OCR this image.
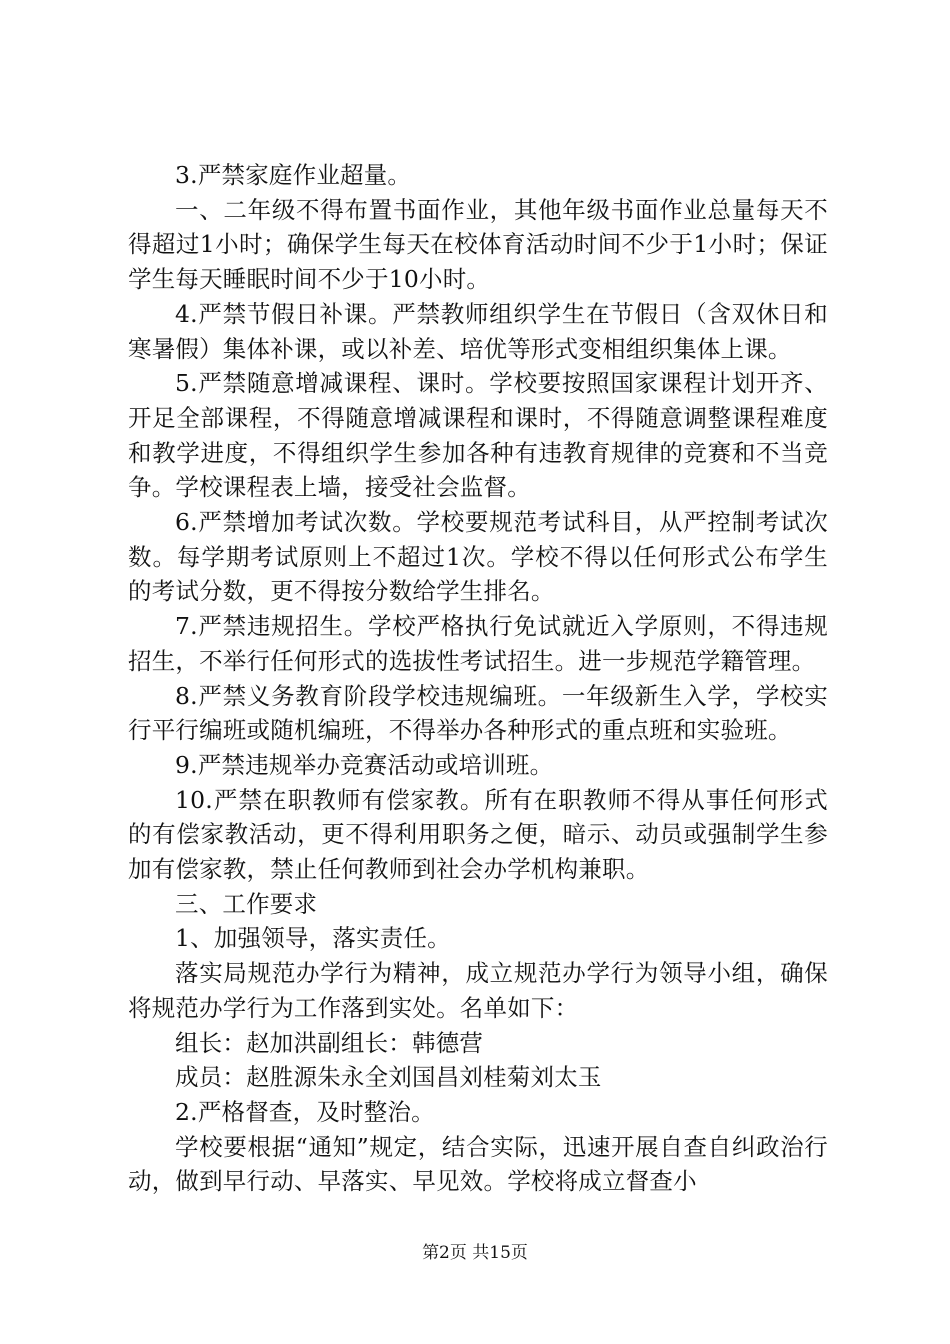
3.严禁家庭作业超量。

一、二年级不得布置书面作业，其他年级书面作业总量每天不得超过1小时；确保学生每天在校体育活动时间不少于1小时；保证学生每天睡眠时间不少于10小时。

4.严禁节假日补课。严禁教师组织学生在节假日（含双休日和寒暑假）集体补课，或以补差、培优等形式变相组织集体上课。

5.严禁随意增减课程、课时。学校要按照国家课程计划开齐、开足全部课程，不得随意增减课程和课时，不得随意调整课程难度和教学进度，不得组织学生参加各种有违教育规律的竞赛和不当竞争。学校课程表上墙，接受社会监督。

6.严禁增加考试次数。学校要规范考试科目，从严控制考试次数。每学期考试原则上不超过1次。学校不得以任何形式公布学生的考试分数，更不得按分数给学生排名。

7.严禁违规招生。学校严格执行免试就近入学原则，不得违规招生，不举行任何形式的选拔性考试招生。进一步规范学籍管理。

8.严禁义务教育阶段学校违规编班。一年级新生入学，学校实行平行编班或随机编班，不得举办各种形式的重点班和实验班。

9.严禁违规举办竞赛活动或培训班。

10.严禁在职教师有偿家教。所有在职教师不得从事任何形式的有偿家教活动，更不得利用职务之便，暗示、动员或强制学生参加有偿家教，禁止任何教师到社会办学机构兼职。

三、工作要求

1、加强领导，落实责任。

落实局规范办学行为精神，成立规范办学行为领导小组，确保将规范办学行为工作落到实处。名单如下：

组长：赵加洪副组长：韩德营

成员：赵胜源朱永全刘国昌刘桂菊刘太玉

2.严格督查，及时整治。

学校要根据“通知”规定，结合实际，迅速开展自查自纠政治行动，做到早行动、早落实、早见效。学校将成立督查小

第2页 共15页
